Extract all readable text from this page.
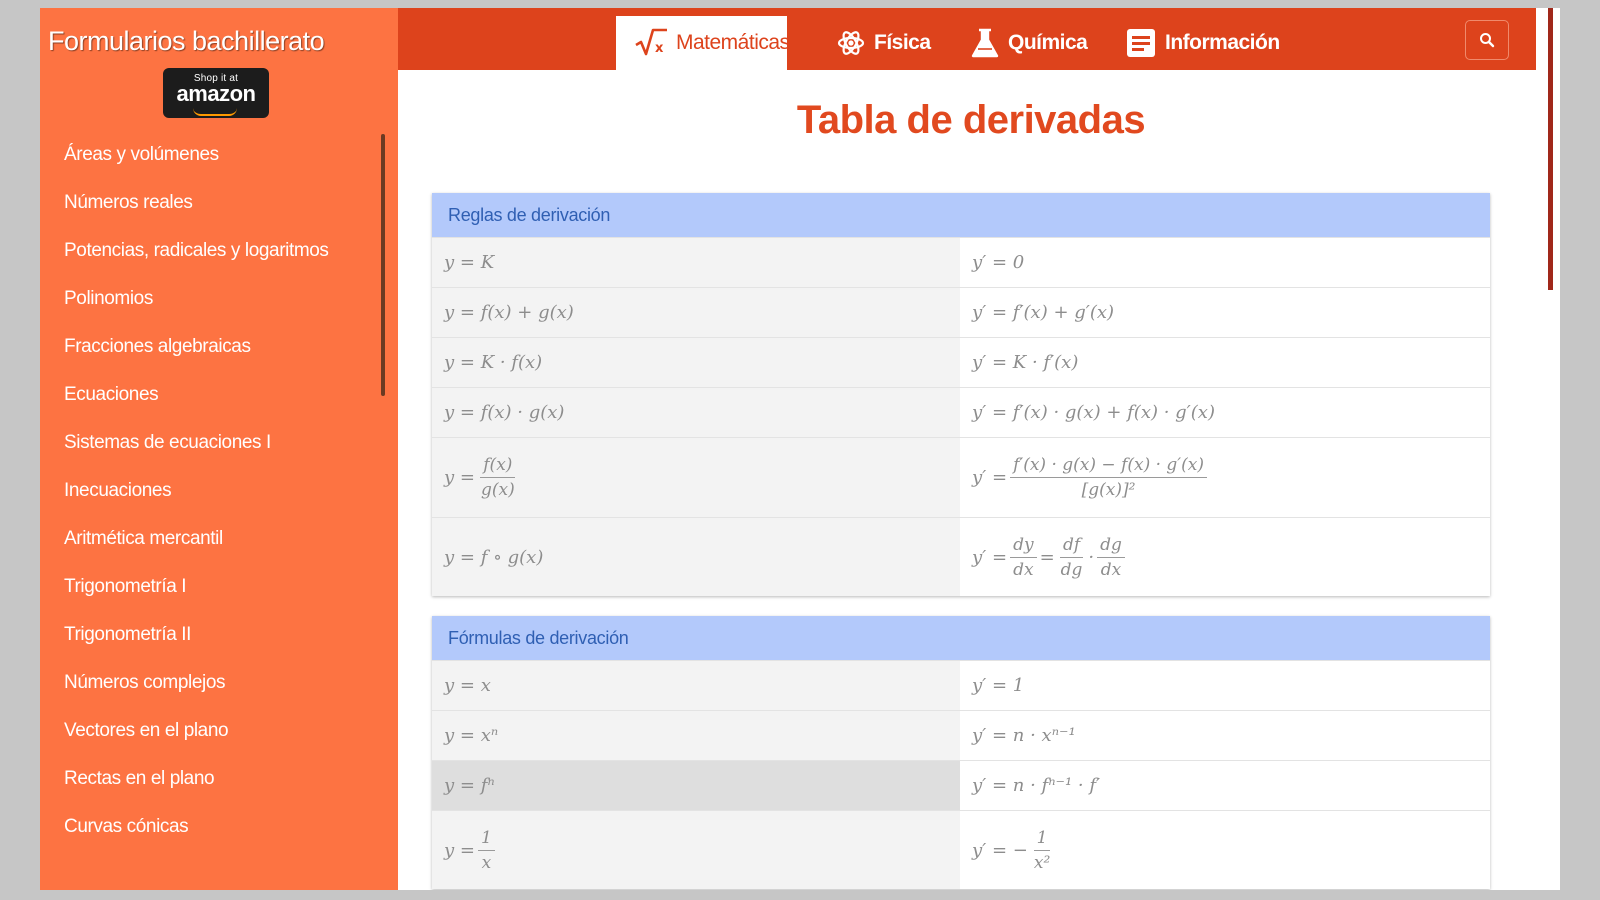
Formularios bachillerato
Shop it at
amazon
Áreas y volúmenes
Números reales
Potencias, radicales y logaritmos
Polinomios
Fracciones algebraicas
Ecuaciones
Sistemas de ecuaciones I
Inecuaciones
Aritmética mercantil
Trigonometría I
Trigonometría II
Números complejos
Vectores en el plano
Rectas en el plano
Curvas cónicas
x Matemáticas	Física	Química	Información
Tabla de derivadas
Reglas de derivación
y = K	y′ = 0
y = f(x) + g(x)	y′ = f′(x) + g′(x)
y = K · f(x)	y′ = K · f′(x)
y = f(x) · g(x)	y′ = f′(x) · g(x) + f(x) · g′(x)
$y = \frac{f(x)}{g(x)}$	$y' = \frac{f'(x) \cdot g(x) - f(x) \cdot g'(x)}{\text{[g(x)]²}}$
y = f ∘ g(x)	$y' = \frac{dy}{dx} = \frac{df}{dg} \cdot \frac{dg}{dx}$
Fórmulas de derivación
y = x	y′ = 1
y = xⁿ	y′ = n · xⁿ⁻¹
y = fⁿ	y′ = n · fⁿ⁻¹ · f′
$y = \frac{1}{x}$	y′ = − $\frac{1}{\text{x²}}$
